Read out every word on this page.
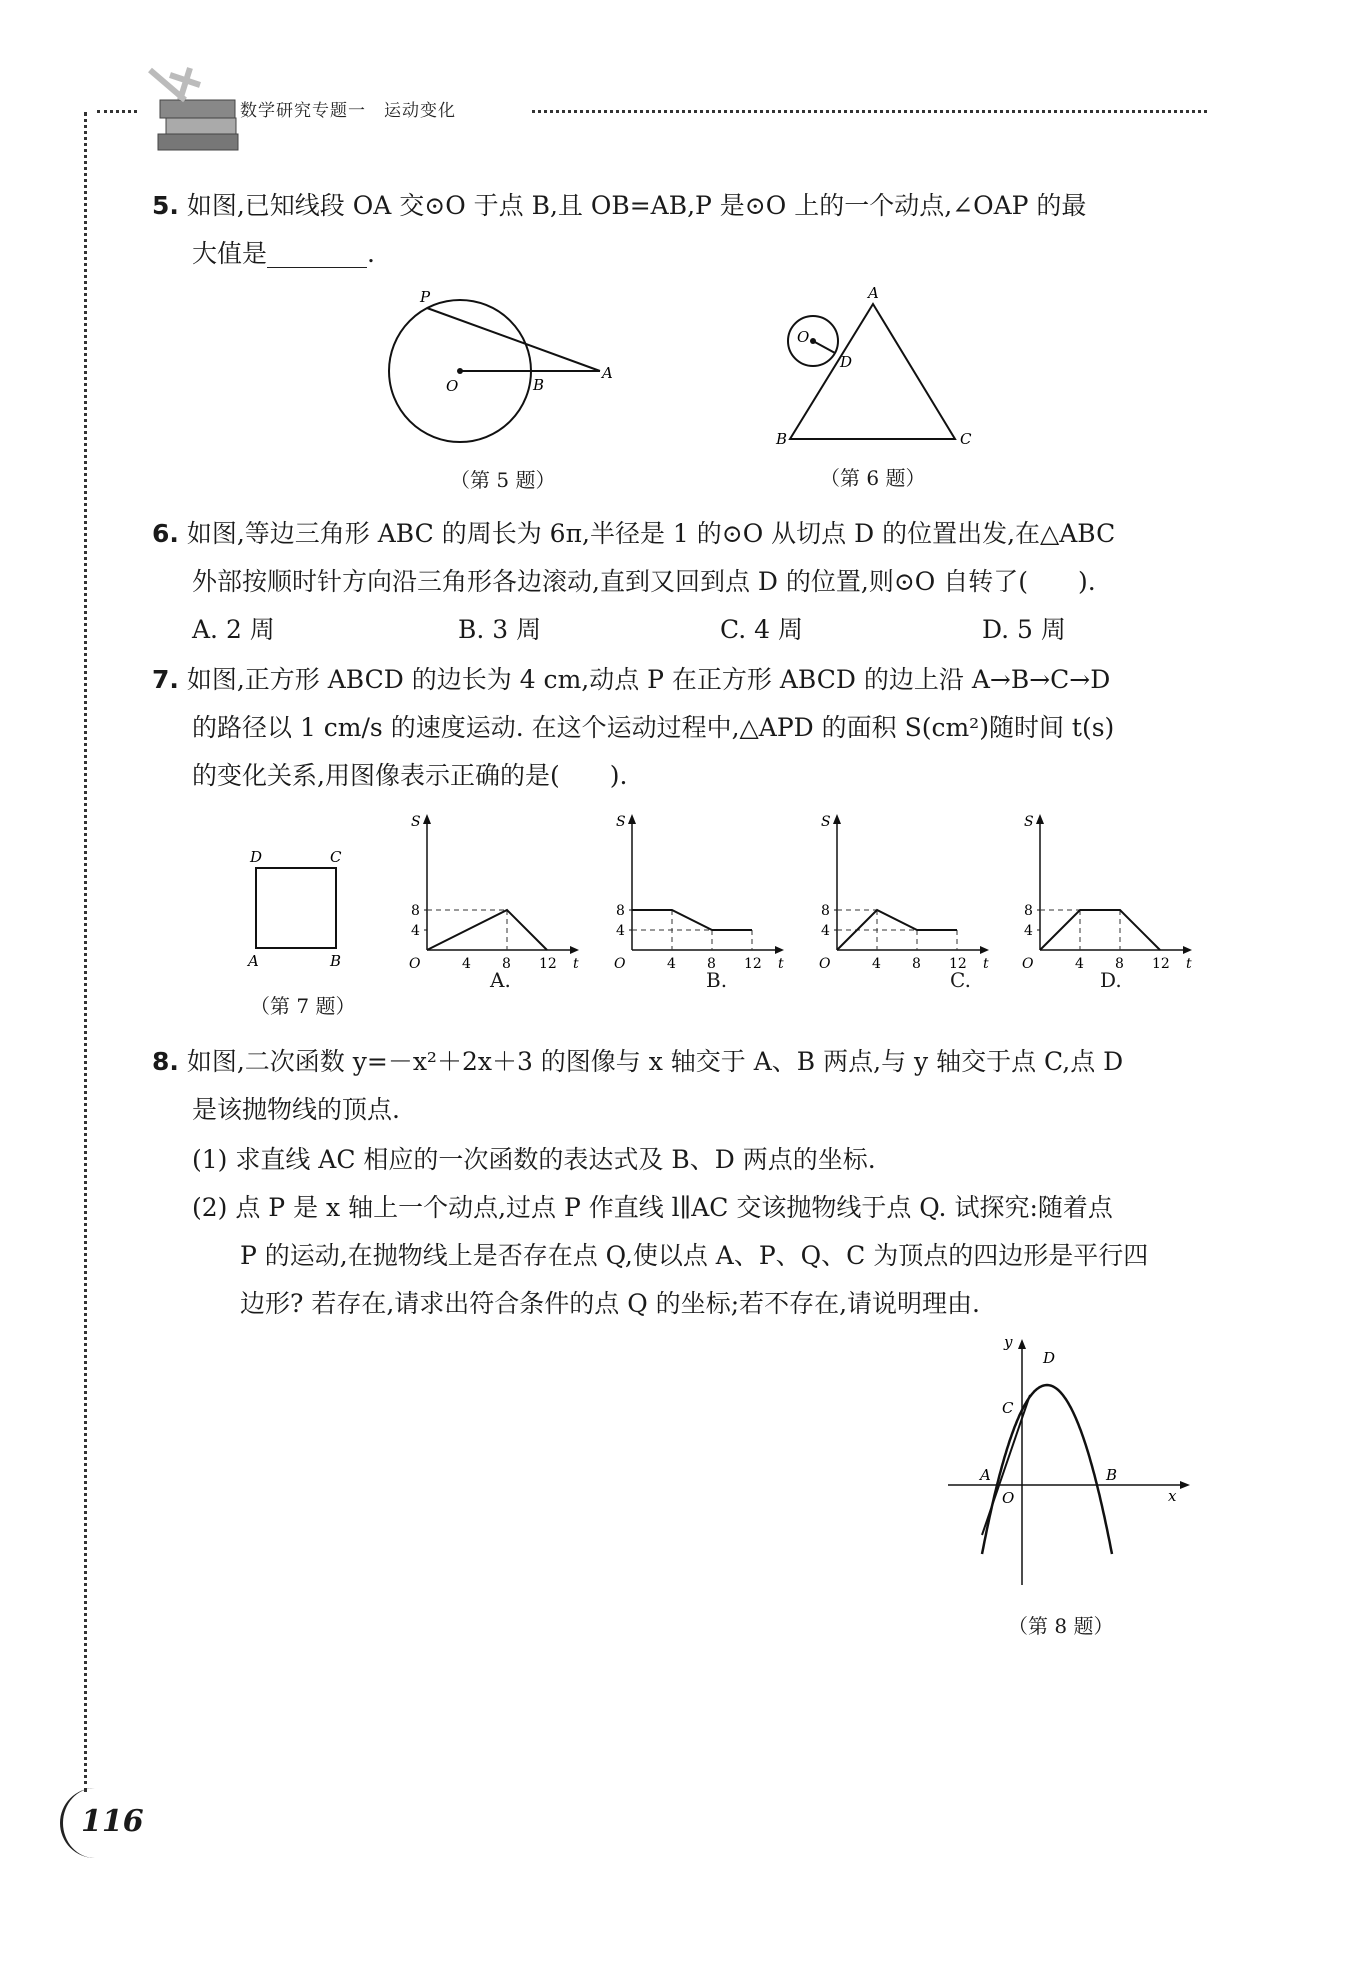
数学研究专题一　运动变化
5. 如图,已知线段 OA 交⊙O 于点 B,且 OB=AB,P 是⊙O 上的一个动点,∠OAP 的最
大值是________.
P
O	B
A
（第 5 题）
A
O
D
B	C
（第 6 题）
6. 如图,等边三角形 ABC 的周长为 6π,半径是 1 的⊙O 从切点 D 的位置出发,在△ABC
外部按顺时针方向沿三角形各边滚动,直到又回到点 D 的位置,则⊙O 自转了(　　).
A. 2 周	B. 3 周	C. 4 周	D. 5 周
7. 如图,正方形 ABCD 的边长为 4 cm,动点 P 在正方形 ABCD 的边上沿 A→B→C→D
的路径以 1 cm/s 的速度运动. 在这个运动过程中,△APD 的面积 S(cm²)随时间 t(s)
的变化关系,用图像表示正确的是(　　).
D	C
A	B
（第 7 题）
S
t
O
4
8
4 8 12
S
t
O
4
8
4 8 12
S
t
O
4
8
4 8 12
S
t
O
4
8
4 8 12
A.	B.	C.	D.
8. 如图,二次函数 y=－x²＋2x＋3 的图像与 x 轴交于 A、B 两点,与 y 轴交于点 C,点 D
是该抛物线的顶点.
(1) 求直线 AC 相应的一次函数的表达式及 B、D 两点的坐标.
(2) 点 P 是 x 轴上一个动点,过点 P 作直线 l∥AC 交该抛物线于点 Q. 试探究:随着点
P 的运动,在抛物线上是否存在点 Q,使以点 A、P、Q、C 为顶点的四边形是平行四
边形? 若存在,请求出符合条件的点 Q 的坐标;若不存在,请说明理由.
y
x
D
C
A	B
O
（第 8 题）
116
